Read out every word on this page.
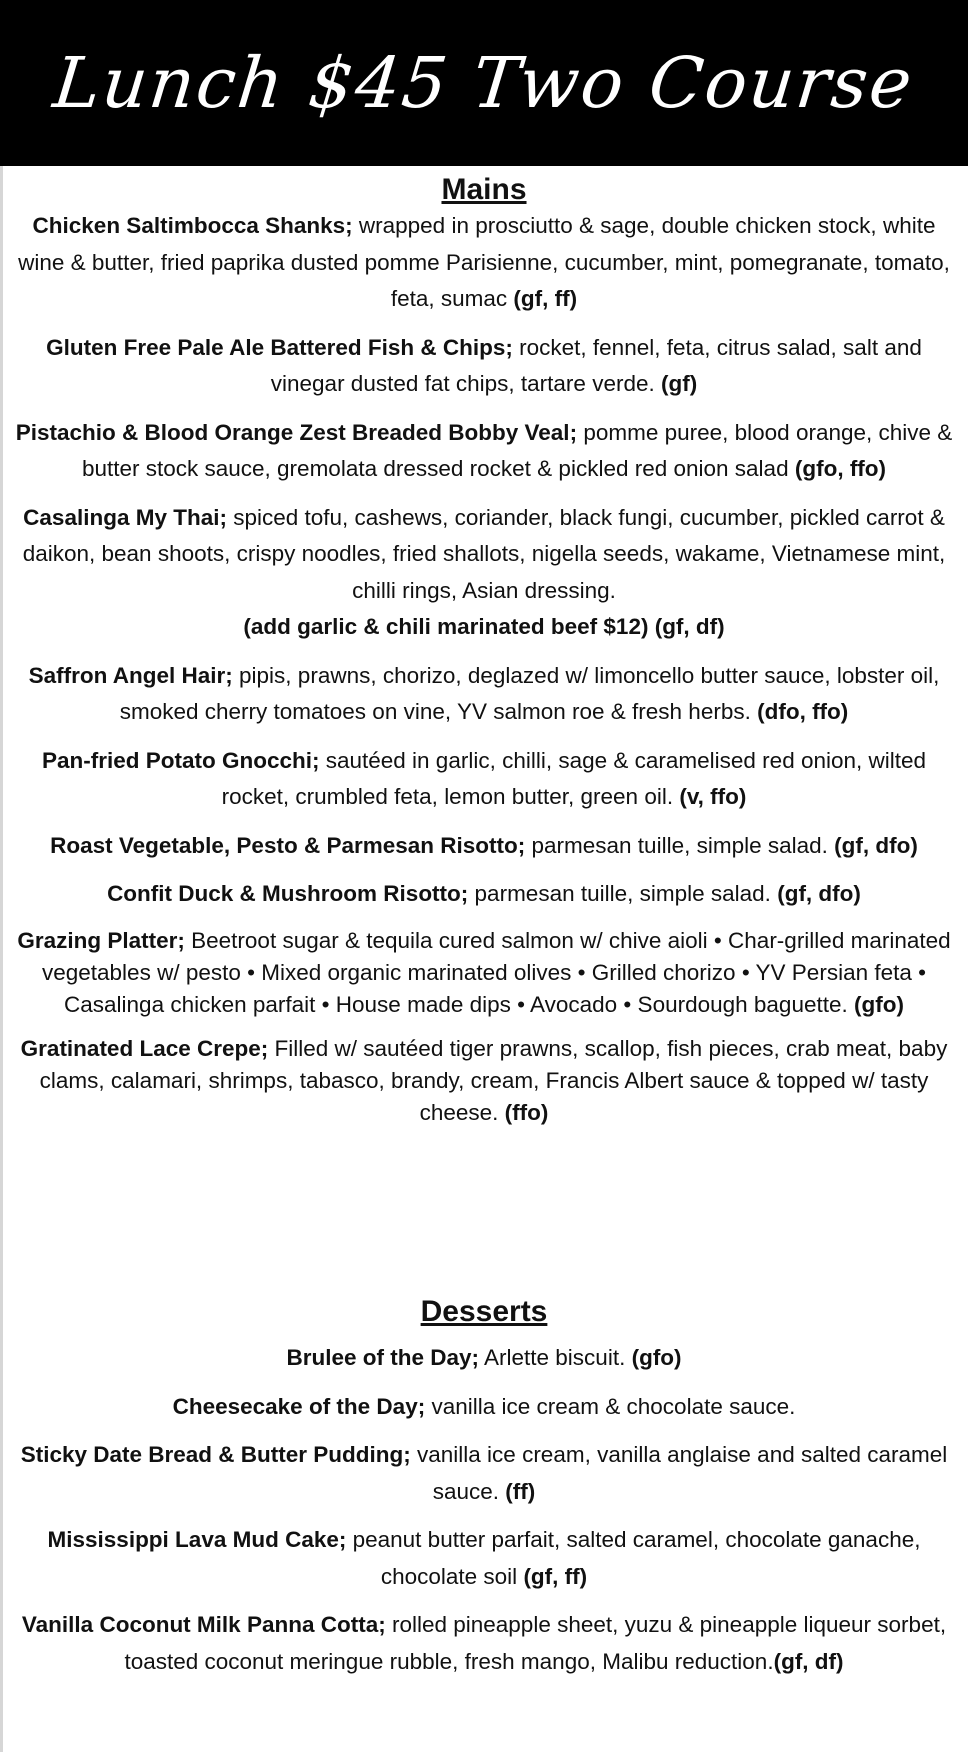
Lunch $45 Two Course
Mains

Chicken Saltimbocca Shanks; wrapped in prosciutto & sage, double chicken stock, white wine & butter, fried paprika dusted pomme Parisienne, cucumber, mint, pomegranate, tomato, feta, sumac (gf, ff)

Gluten Free Pale Ale Battered Fish & Chips; rocket, fennel, feta, citrus salad, salt and vinegar dusted fat chips, tartare verde. (gf)

Pistachio & Blood Orange Zest Breaded Bobby Veal; pomme puree, blood orange, chive & butter stock sauce, gremolata dressed rocket & pickled red onion salad (gfo, ffo)

Casalinga My Thai; spiced tofu, cashews, coriander, black fungi, cucumber, pickled carrot & daikon, bean shoots, crispy noodles, fried shallots, nigella seeds, wakame, Vietnamese mint, chilli rings, Asian dressing.
(add garlic & chili marinated beef $12) (gf, df)

Saffron Angel Hair; pipis, prawns, chorizo, deglazed w/ limoncello butter sauce, lobster oil, smoked cherry tomatoes on vine, YV salmon roe & fresh herbs. (dfo, ffo)

Pan-fried Potato Gnocchi; sautéed in garlic, chilli, sage & caramelised red onion, wilted rocket, crumbled feta, lemon butter, green oil. (v, ffo)

Roast Vegetable, Pesto & Parmesan Risotto; parmesan tuille, simple salad. (gf, dfo)

Confit Duck & Mushroom Risotto; parmesan tuille, simple salad. (gf, dfo)

Grazing Platter; Beetroot sugar & tequila cured salmon w/ chive aioli • Char-grilled marinated vegetables w/ pesto • Mixed organic marinated olives • Grilled chorizo • YV Persian feta • Casalinga chicken parfait • House made dips • Avocado • Sourdough baguette. (gfo)

Gratinated Lace Crepe; Filled w/ sautéed tiger prawns, scallop, fish pieces, crab meat, baby clams, calamari, shrimps, tabasco, brandy, cream, Francis Albert sauce & topped w/ tasty cheese. (ffo)

Desserts

Brulee of the Day; Arlette biscuit. (gfo)

Cheesecake of the Day; vanilla ice cream & chocolate sauce.

Sticky Date Bread & Butter Pudding; vanilla ice cream, vanilla anglaise and salted caramel sauce. (ff)

Mississippi Lava Mud Cake; peanut butter parfait, salted caramel, chocolate ganache, chocolate soil (gf, ff)

Vanilla Coconut Milk Panna Cotta; rolled pineapple sheet, yuzu & pineapple liqueur sorbet, toasted coconut meringue rubble, fresh mango, Malibu reduction.(gf, df)
